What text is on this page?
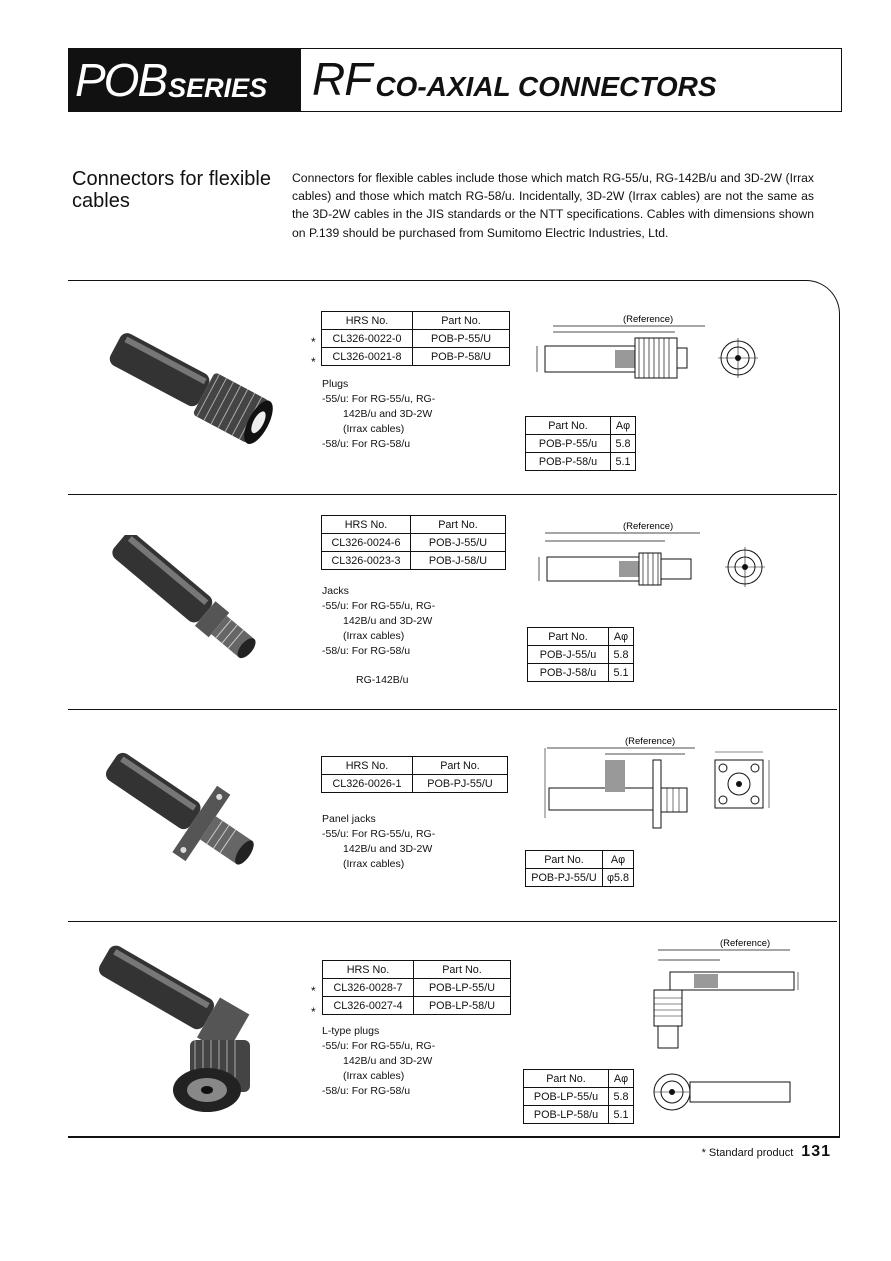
POB SERIES RF CO-AXIAL CONNECTORS
Connectors for flexible cables
Connectors for flexible cables include those which match RG-55/u, RG-142B/u and 3D-2W (Irrax cables) and those which match RG-58/u. Incidentally, 3D-2W (Irrax cables) are not the same as the 3D-2W cables in the JIS standards or the NTT specifications. Cables with dimensions shown on P.139 should be purchased from Sumitomo Electric Industries, Ltd.
HRS No.	Part No.
CL326-0022-0	POB-P-55/U
CL326-0021-8	POB-P-58/U
*
*
Plugs
-55/u: For RG-55/u, RG-
142B/u and 3D-2W
(Irrax cables)
-58/u: For RG-58/u
(Reference)
Part No.	Aφ
POB-P-55/u	5.8
POB-P-58/u	5.1
HRS No.	Part No.
CL326-0024-6	POB-J-55/U
CL326-0023-3	POB-J-58/U
Jacks
-55/u: For RG-55/u, RG-
142B/u and 3D-2W
(Irrax cables)
-58/u: For RG-58/u
RG-142B/u
(Reference)
Part No.	Aφ
POB-J-55/u	5.8
POB-J-58/u	5.1
HRS No.	Part No.
CL326-0026-1	POB-PJ-55/U
Panel jacks
-55/u: For RG-55/u, RG-
142B/u and 3D-2W
(Irrax cables)
(Reference)
Part No.	Aφ
POB-PJ-55/U	φ5.8
HRS No.	Part No.
CL326-0028-7	POB-LP-55/U
CL326-0027-4	POB-LP-58/U
*
*
L-type plugs
-55/u: For RG-55/u, RG-
142B/u and 3D-2W
(Irrax cables)
-58/u: For RG-58/u
(Reference)
Part No.	Aφ
POB-LP-55/u	5.8
POB-LP-58/u	5.1
* Standard product 131
